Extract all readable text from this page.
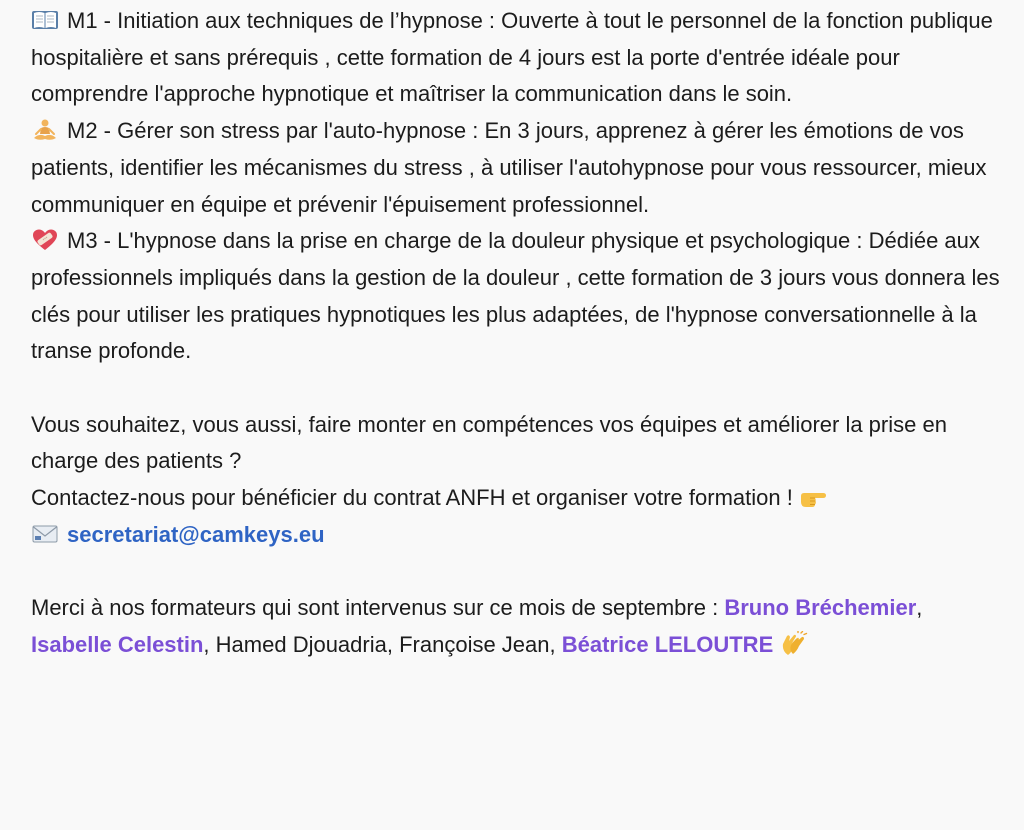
M1 - Initiation aux techniques de l’hypnose : Ouverte à tout le personnel de la fonction publique hospitalière et sans prérequis , cette formation de 4 jours est la porte d'entrée idéale pour comprendre l'approche hypnotique et maîtriser la communication dans le soin.

M2 - Gérer son stress par l'auto-hypnose : En 3 jours, apprenez à gérer les émotions de vos patients, identifier les mécanismes du stress , à utiliser l'autohypnose pour vous ressourcer, mieux communiquer en équipe et prévenir l'épuisement professionnel.

M3 - L'hypnose dans la prise en charge de la douleur physique et psychologique : Dédiée aux professionnels impliqués dans la gestion de la douleur , cette formation de 3 jours vous donnera les clés pour utiliser les pratiques hypnotiques les plus adaptées, de l'hypnose conversationnelle à la transe profonde.

Vous souhaitez, vous aussi, faire monter en compétences vos équipes et améliorer la prise en charge des patients ?
Contactez-nous pour bénéficier du contrat ANFH et organiser votre formation !

secretariat@camkeys.eu

Merci à nos formateurs qui sont intervenus sur ce mois de septembre : Bruno Bréchemier, Isabelle Celestin, Hamed Djouadria, Françoise Jean, Béatrice LELOUTRE
